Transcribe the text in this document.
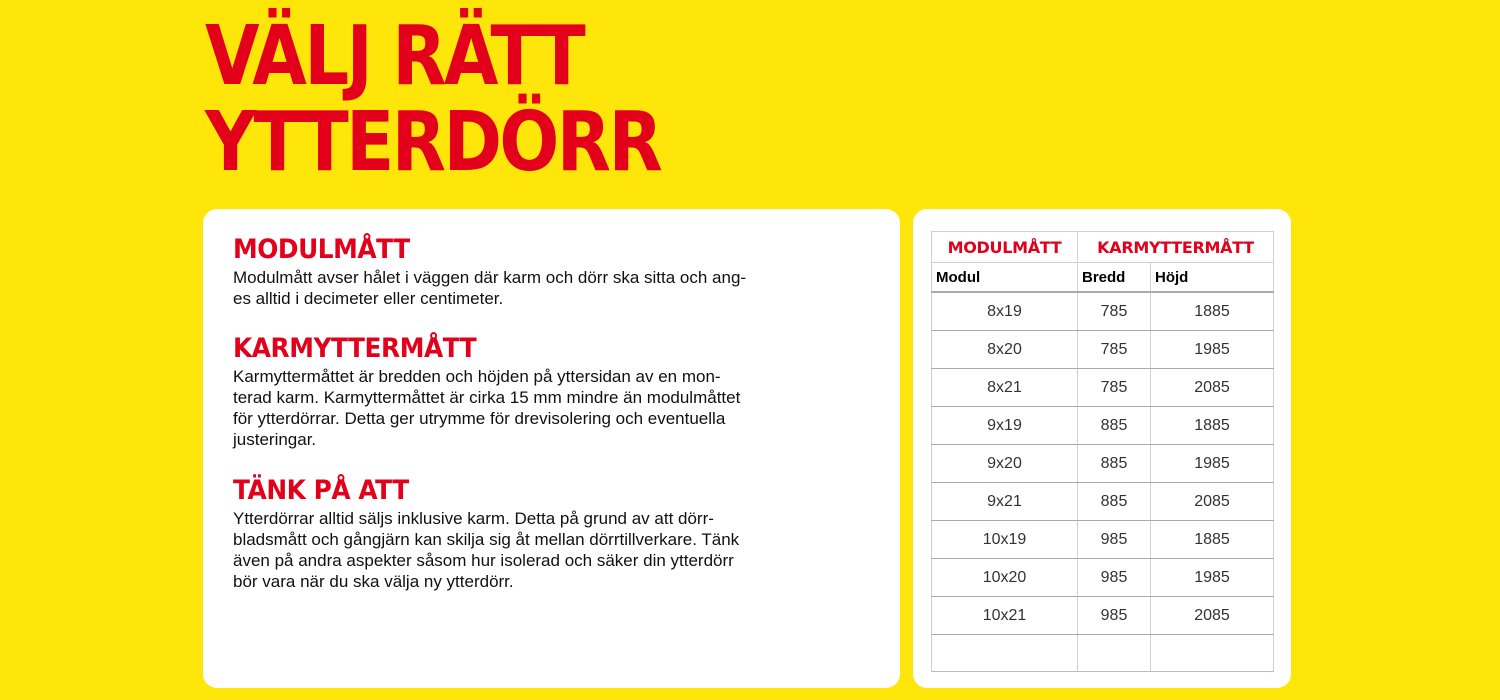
VÄLJ RÄTT
YTTERDÖRR
MODULMÅTT

Modulmått avser hålet i väggen där karm och dörr ska sitta och ang-
es alltid i decimeter eller centimeter.

KARMYTTERMÅTT

Karmyttermåttet är bredden och höjden på yttersidan av en mon-
terad karm. Karmyttermåttet är cirka 15 mm mindre än modulmåttet
för ytterdörrar. Detta ger utrymme för drevisolering och eventuella
justeringar.

TÄNK PÅ ATT

Ytterdörrar alltid säljs inklusive karm. Detta på grund av att dörr-
bladsmått och gångjärn kan skilja sig åt mellan dörrtillverkare. Tänk
även på andra aspekter såsom hur isolerad och säker din ytterdörr
bör vara när du ska välja ny ytterdörr.

MODULMÅTT	KARMYTTERMÅTT	
Modul	Bredd	Höjd
8x19	785	1885
8x20	785	1985
8x21	785	2085
9x19	885	1885
9x20	885	1985
9x21	885	2085
10x19	985	1885
10x20	985	1985
10x21	985	2085
